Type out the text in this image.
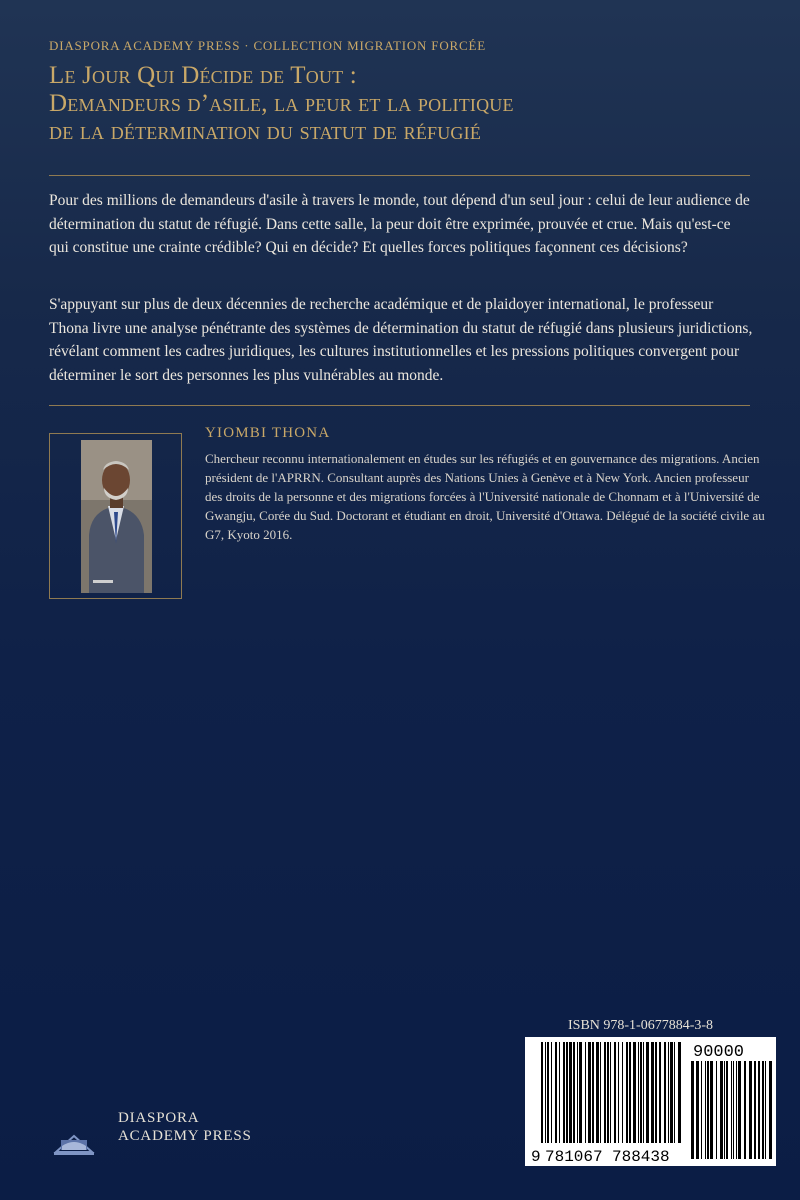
DIASPORA ACADEMY PRESS · COLLECTION MIGRATION FORCÉE
Le Jour Qui Décide de Tout :
Demandeurs d’asile, la peur et la politique
de la détermination du statut de réfugié

Pour des millions de demandeurs d'asile à travers le monde, tout dépend d'un seul jour : celui de leur audience de détermination du statut de réfugié. Dans cette salle, la peur doit être exprimée, prouvée et crue. Mais qu'est-ce qui constitue une crainte crédible? Qui en décide? Et quelles forces politiques façonnent ces décisions?

S'appuyant sur plus de deux décennies de recherche académique et de plaidoyer international, le professeur Thona livre une analyse pénétrante des systèmes de détermination du statut de réfugié dans plusieurs juridictions, révélant comment les cadres juridiques, les cultures institutionnelles et les pressions politiques convergent pour déterminer le sort des personnes les plus vulnérables au monde.

YIOMBI THONA

Chercheur reconnu internationalement en études sur les réfugiés et en gouvernance des migrations. Ancien président de l'APRRN. Consultant auprès des Nations Unies à Genève et à New York. Ancien professeur des droits de la personne et des migrations forcées à l'Université nationale de Chonnam et à l'Université de Gwangju, Corée du Sud. Doctorant et étudiant en droit, Université d'Ottawa. Délégué de la société civile au G7, Kyoto 2016.

ISBN 978-1-0677884-3-8
9 781067 788438
90000
DIASPORA
ACADEMY PRESS
